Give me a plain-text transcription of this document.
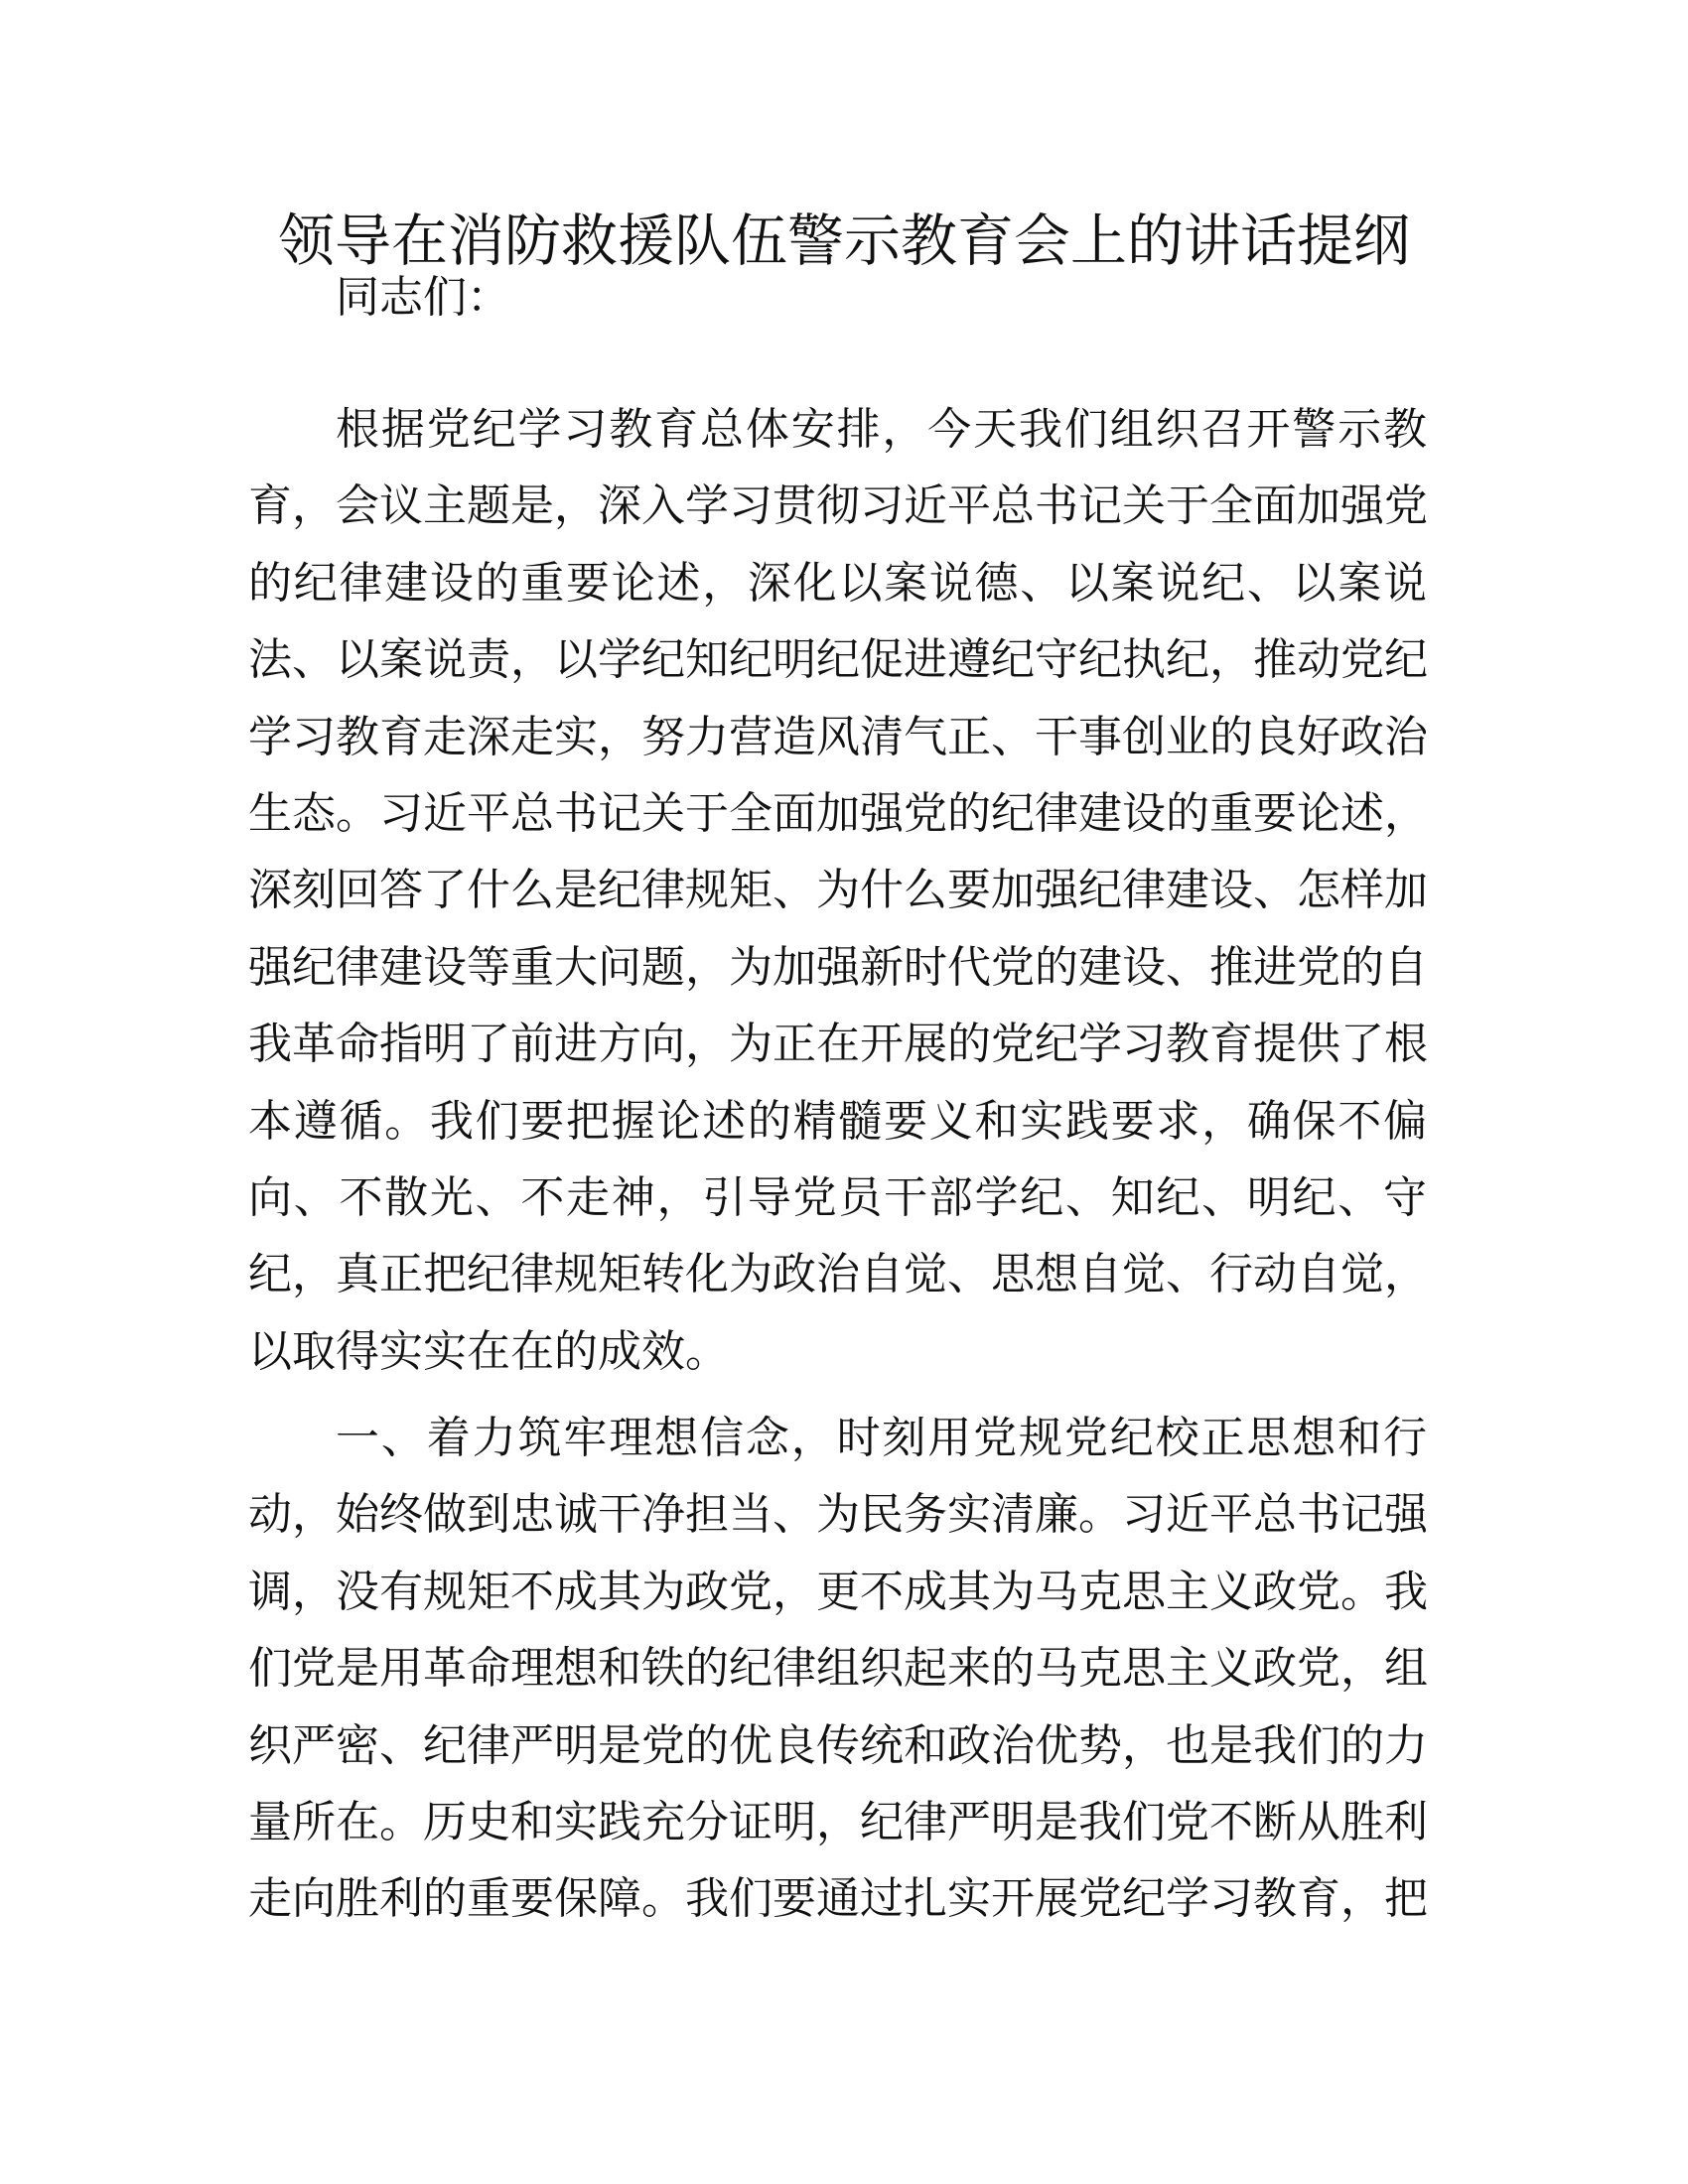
领导在消防救援队伍警示教育会上的讲话提纲
同志们：
根据党纪学习教育总体安排，今天我们组织召开警示教
育，会议主题是，深入学习贯彻习近平总书记关于全面加强党
的纪律建设的重要论述，深化以案说德、以案说纪、以案说
法、以案说责，以学纪知纪明纪促进遵纪守纪执纪，推动党纪
学习教育走深走实，努力营造风清气正、干事创业的良好政治
生态。习近平总书记关于全面加强党的纪律建设的重要论述，
深刻回答了什么是纪律规矩、为什么要加强纪律建设、怎样加
强纪律建设等重大问题，为加强新时代党的建设、推进党的自
我革命指明了前进方向，为正在开展的党纪学习教育提供了根
本遵循。我们要把握论述的精髓要义和实践要求，确保不偏
向、不散光、不走神，引导党员干部学纪、知纪、明纪、守
纪，真正把纪律规矩转化为政治自觉、思想自觉、行动自觉，
以取得实实在在的成效。
一、着力筑牢理想信念，时刻用党规党纪校正思想和行
动，始终做到忠诚干净担当、为民务实清廉。习近平总书记强
调，没有规矩不成其为政党，更不成其为马克思主义政党。我
们党是用革命理想和铁的纪律组织起来的马克思主义政党，组
织严密、纪律严明是党的优良传统和政治优势，也是我们的力
量所在。历史和实践充分证明，纪律严明是我们党不断从胜利
走向胜利的重要保障。我们要通过扎实开展党纪学习教育，把
